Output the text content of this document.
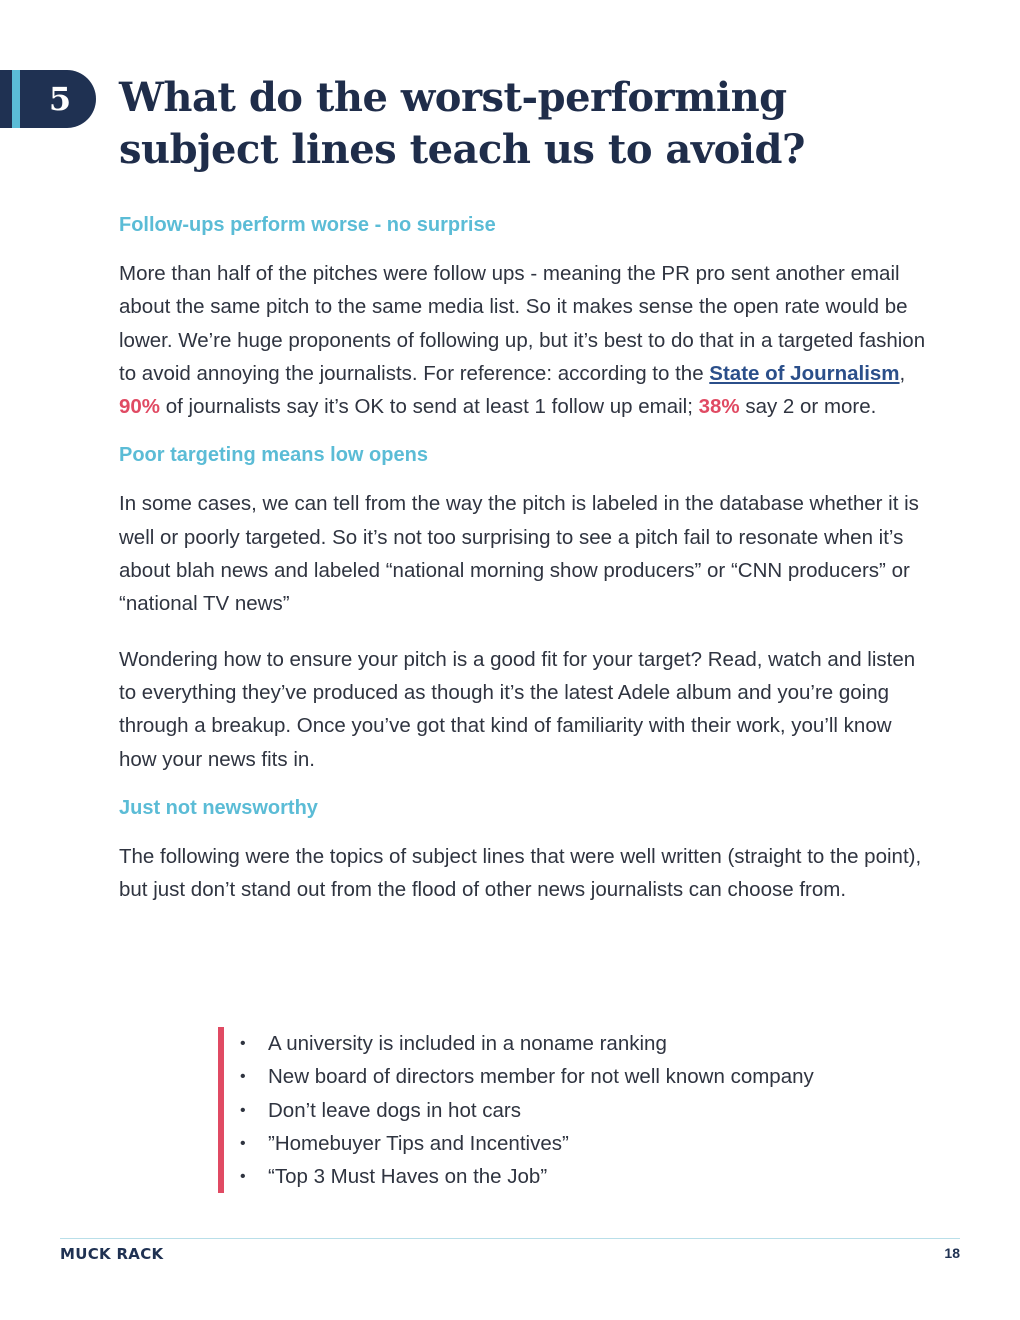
5 What do the worst-performing subject lines teach us to avoid?
Follow-ups perform worse - no surprise

More than half of the pitches were follow ups - meaning the PR pro sent another email about the same pitch to the same media list. So it makes sense the open rate would be lower. We’re huge proponents of following up, but it’s best to do that in a targeted fashion to avoid annoying the journalists. For reference: according to the State of Journalism, 90% of journalists say it’s OK to send at least 1 follow up email; 38% say 2 or more.

Poor targeting means low opens

In some cases, we can tell from the way the pitch is labeled in the database whether it is well or poorly targeted. So it’s not too surprising to see a pitch fail to resonate when it’s about blah news and labeled “national morning show producers” or “CNN producers” or “national TV news”

Wondering how to ensure your pitch is a good fit for your target? Read, watch and listen to everything they’ve produced as though it’s the latest Adele album and you’re going through a breakup. Once you’ve got that kind of familiarity with their work, you’ll know how your news fits in.

Just not newsworthy

The following were the topics of subject lines that were well written (straight to the point), but just don’t stand out from the flood of other news journalists can choose from.

• A university is included in a noname ranking
• New board of directors member for not well known company
• Don’t leave dogs in hot cars
• ”Homebuyer Tips and Incentives”
• “Top 3 Must Haves on the Job”
MUCK RACK	18
